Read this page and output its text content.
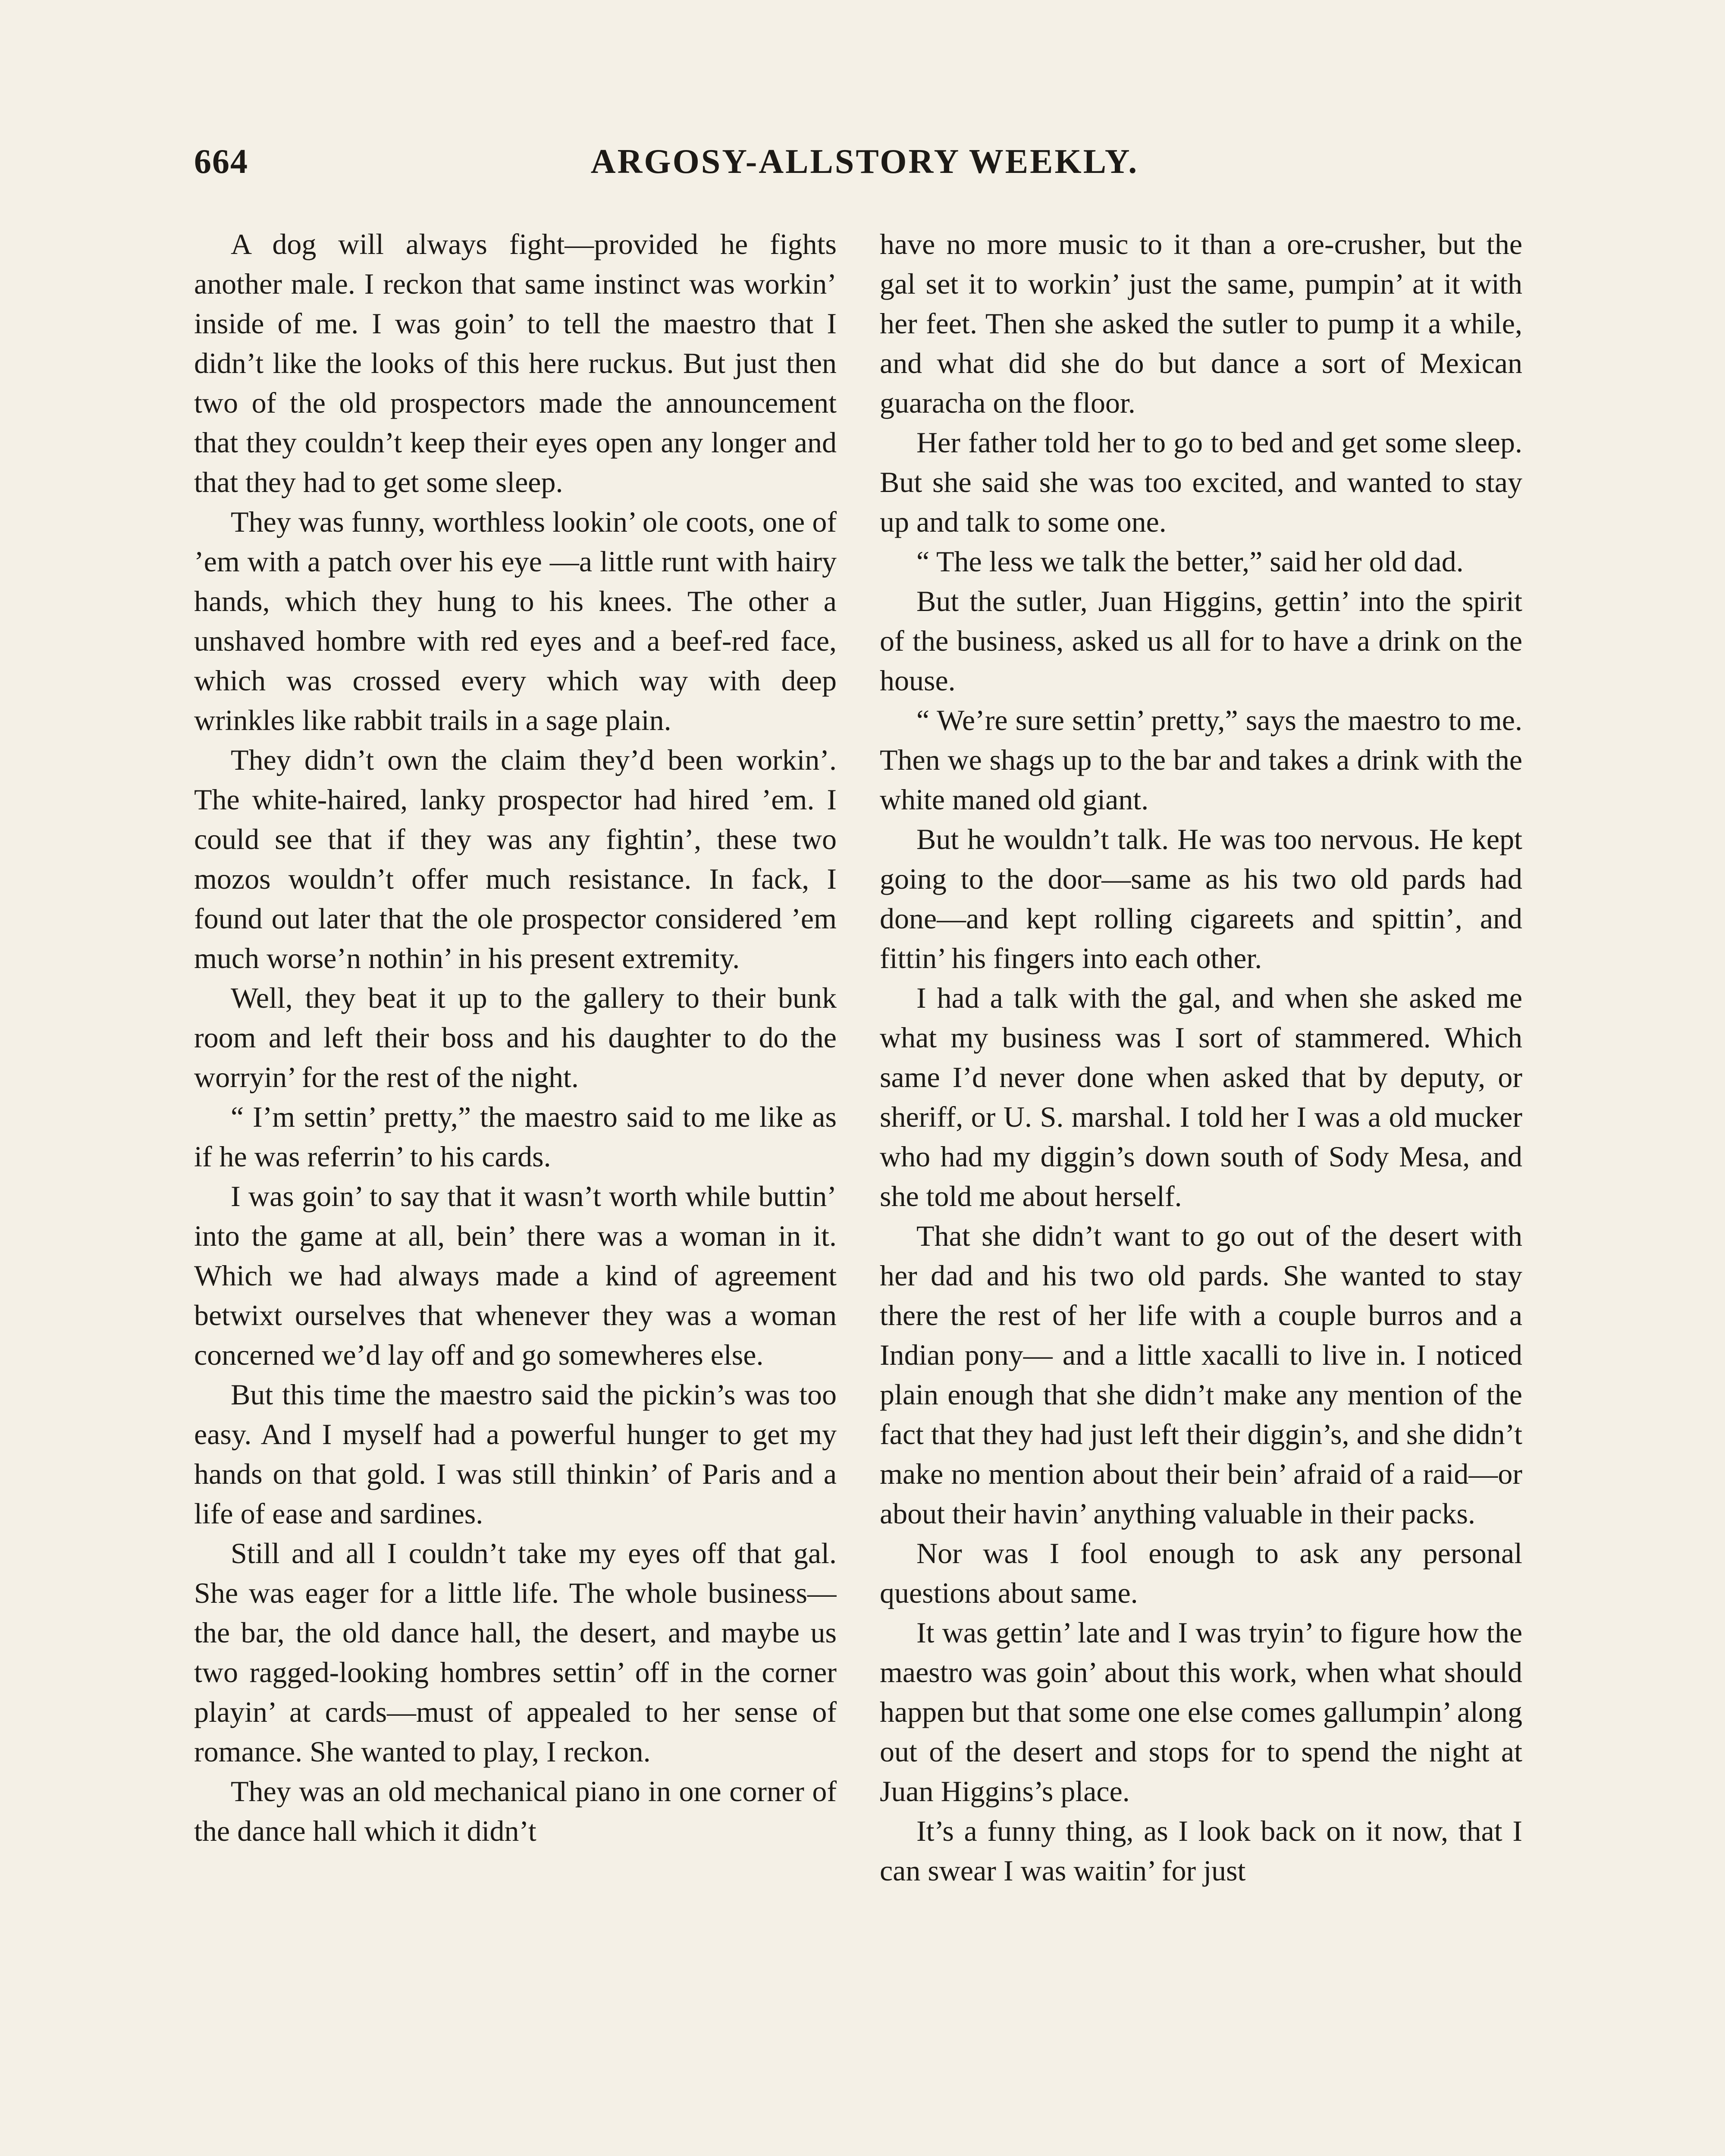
664	ARGOSY-ALLSTORY WEEKLY.

A dog will always fight—provided he fights another male. I reckon that same instinct was workin’ inside of me. I was goin’ to tell the maestro that I didn’t like the looks of this here ruckus. But just then two of the old prospectors made the announcement that they couldn’t keep their eyes open any longer and that they had to get some sleep.

They was funny, worthless lookin’ ole coots, one of ’em with a patch over his eye —a little runt with hairy hands, which they hung to his knees. The other a unshaved hombre with red eyes and a beef-red face, which was crossed every which way with deep wrinkles like rabbit trails in a sage plain.

They didn’t own the claim they’d been workin’. The white-haired, lanky prospector had hired ’em. I could see that if they was any fightin’, these two mozos wouldn’t offer much resistance. In fack, I found out later that the ole prospector considered ’em much worse’n nothin’ in his present extremity.

Well, they beat it up to the gallery to their bunk room and left their boss and his daughter to do the worryin’ for the rest of the night.

“ I’m settin’ pretty,” the maestro said to me like as if he was referrin’ to his cards.

I was goin’ to say that it wasn’t worth while buttin’ into the game at all, bein’ there was a woman in it. Which we had always made a kind of agreement betwixt ourselves that whenever they was a woman concerned we’d lay off and go somewheres else.

But this time the maestro said the pickin’s was too easy. And I myself had a powerful hunger to get my hands on that gold. I was still thinkin’ of Paris and a life of ease and sardines.

Still and all I couldn’t take my eyes off that gal. She was eager for a little life. The whole business—the bar, the old dance hall, the desert, and maybe us two ragged-looking hombres settin’ off in the corner playin’ at cards—must of appealed to her sense of romance. She wanted to play, I reckon.

They was an old mechanical piano in one corner of the dance hall which it didn’t

have no more music to it than a ore-crusher, but the gal set it to workin’ just the same, pumpin’ at it with her feet. Then she asked the sutler to pump it a while, and what did she do but dance a sort of Mexican guaracha on the floor.

Her father told her to go to bed and get some sleep. But she said she was too excited, and wanted to stay up and talk to some one.

“ The less we talk the better,” said her old dad.

But the sutler, Juan Higgins, gettin’ into the spirit of the business, asked us all for to have a drink on the house.

“ We’re sure settin’ pretty,” says the maestro to me. Then we shags up to the bar and takes a drink with the white maned old giant.

But he wouldn’t talk. He was too nervous. He kept going to the door—same as his two old pards had done—and kept rolling cigareets and spittin’, and fittin’ his fingers into each other.

I had a talk with the gal, and when she asked me what my business was I sort of stammered. Which same I’d never done when asked that by deputy, or sheriff, or U. S. marshal. I told her I was a old mucker who had my diggin’s down south of Sody Mesa, and she told me about herself.

That she didn’t want to go out of the desert with her dad and his two old pards. She wanted to stay there the rest of her life with a couple burros and a Indian pony— and a little xacalli to live in. I noticed plain enough that she didn’t make any mention of the fact that they had just left their diggin’s, and she didn’t make no mention about their bein’ afraid of a raid—or about their havin’ anything valuable in their packs.

Nor was I fool enough to ask any personal questions about same.

It was gettin’ late and I was tryin’ to figure how the maestro was goin’ about this work, when what should happen but that some one else comes gallumpin’ along out of the desert and stops for to spend the night at Juan Higgins’s place.

It’s a funny thing, as I look back on it now, that I can swear I was waitin’ for just
